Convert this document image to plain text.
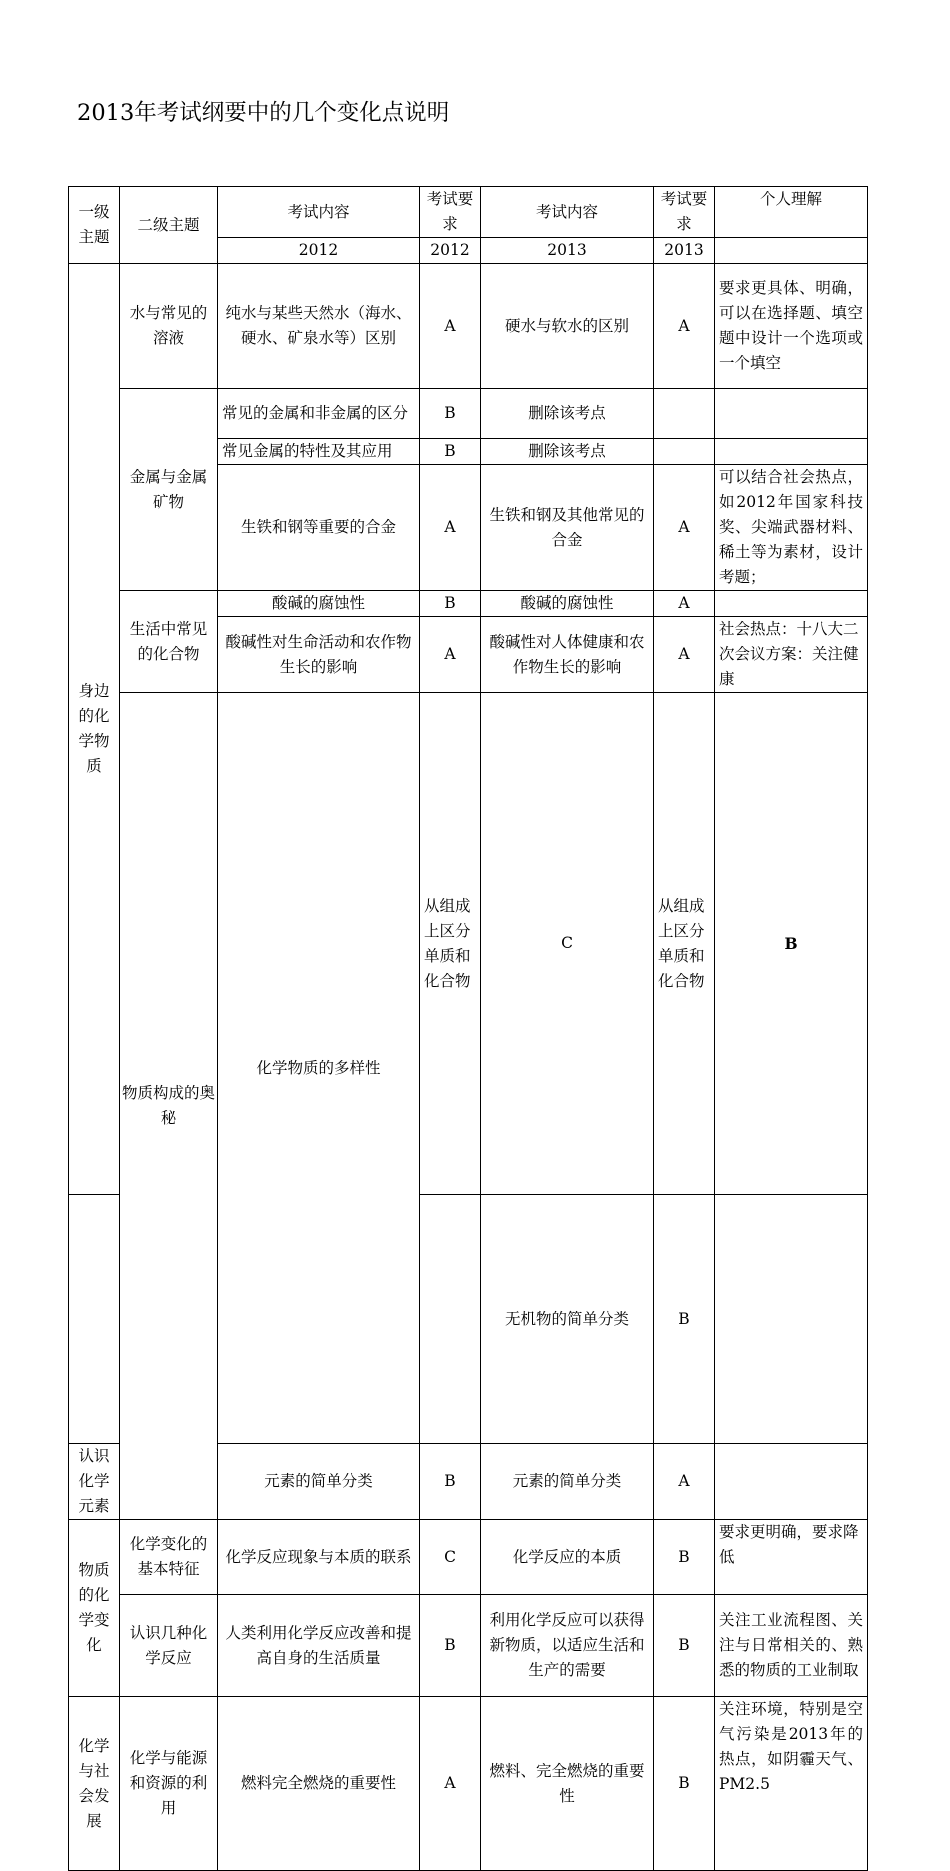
2013年考试纲要中的几个变化点说明
一级主题	二级主题	考试内容	考试要求	考试内容	考试要求	个人理解	
		2012	2012	2013	2013		
身边的化学物质	水与常见的溶液	纯水与某些天然水（海水、硬水、矿泉水等）区别	A	硬水与软水的区别	A	要求更具体、明确，可以在选择题、填空题中设计一个选项或一个填空	
	金属与金属矿物	常见的金属和非金属的区分	B	删除该考点			
		常见金属的特性及其应用	B	删除该考点			
		生铁和钢等重要的合金	A	生铁和钢及其他常见的合金	A	可以结合社会热点，如2012年国家科技奖、尖端武器材料、稀土等为素材，设计考题；	
	生活中常见的化合物	酸碱的腐蚀性	B	酸碱的腐蚀性	A		
		酸碱性对生命活动和农作物生长的影响	A	酸碱性对人体健康和农作物生长的影响	A	社会热点：十八大二次会议方案：关注健康	
	物质构成的奥秘	化学物质的多样性	从组成上区分单质和化合物	C	从组成上区分单质和化合物	B	
				无机物的简单分类	B		
认识化学元素		元素的简单分类	B	元素的简单分类	A		
物质的化学变化	化学变化的基本特征	化学反应现象与本质的联系	C	化学反应的本质	B	要求更明确，要求降低	
	认识几种化学反应	人类利用化学反应改善和提高自身的生活质量	B	利用化学反应可以获得新物质，以适应生活和生产的需要	B	关注工业流程图、关注与日常相关的、熟悉的物质的工业制取	
化学与社会发展	化学与能源和资源的利用	燃料完全燃烧的重要性	A	燃料、完全燃烧的重要性	B	关注环境，特别是空气污染是2013年的热点，如阴霾天气、PM2.5	
